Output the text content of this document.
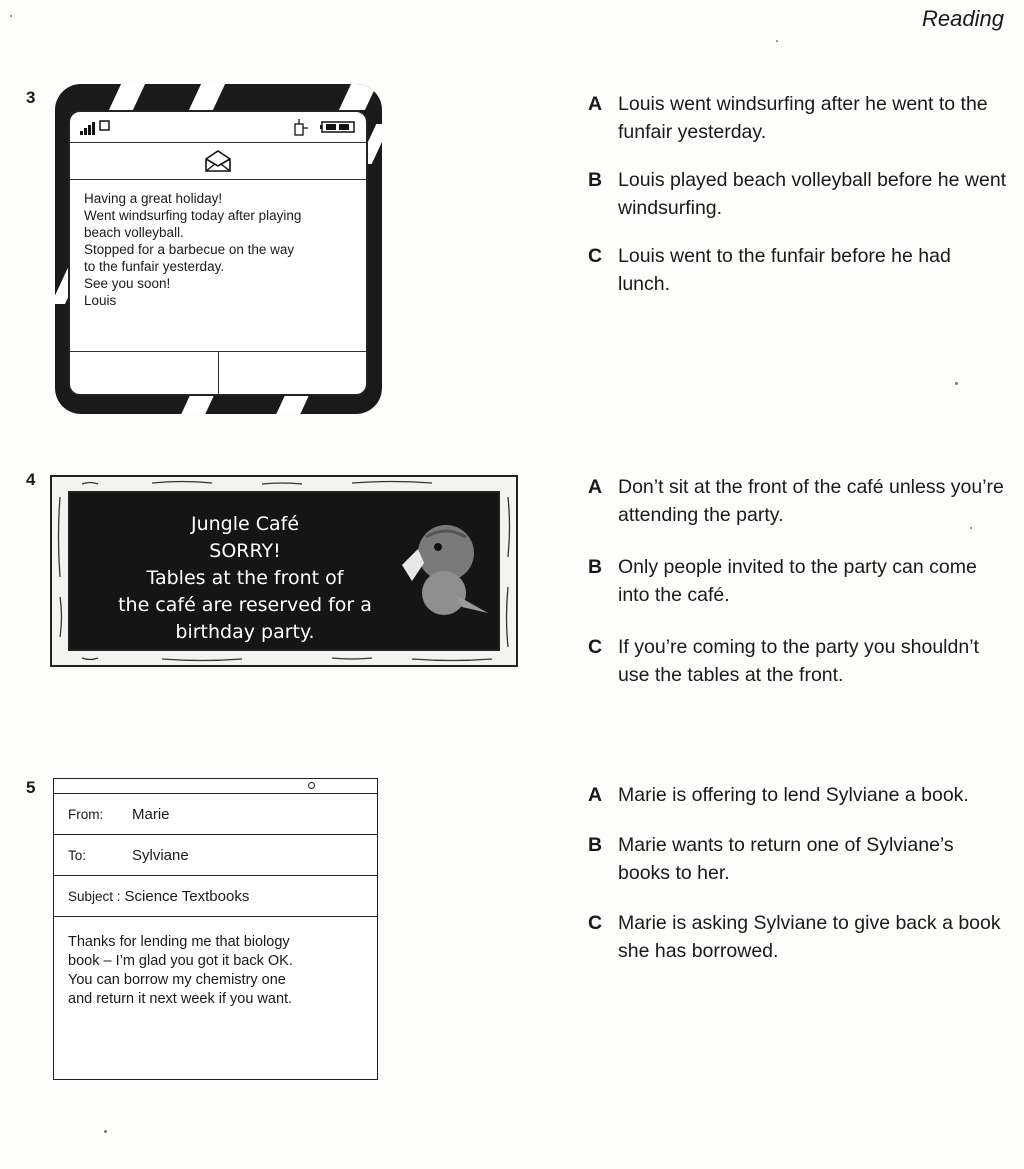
Reading
3
Having a great holiday!
Went windsurfing today after playing
beach volleyball.
Stopped for a barbecue on the way
to the funfair yesterday.
See you soon!
Louis
A Louis went windsurfing after he went to the funfair yesterday.
B Louis played beach volleyball before he went windsurfing.
C Louis went to the funfair before he had lunch.
4
Jungle Café
SORRY!
Tables at the front of
the café are reserved for a
birthday party.
A Don’t sit at the front of the café unless you’re attending the party.
B Only people invited to the party can come into the café.
C If you’re coming to the party you shouldn’t use the tables at the front.
5
From:	Marie
To:	Sylviane
Subject : Science Textbooks
Thanks for lending me that biology
book – I’m glad you got it back OK.
You can borrow my chemistry one
and return it next week if you want.
A Marie is offering to lend Sylviane a book.
B Marie wants to return one of Sylviane’s books to her.
C Marie is asking Sylviane to give back a book she has borrowed.
